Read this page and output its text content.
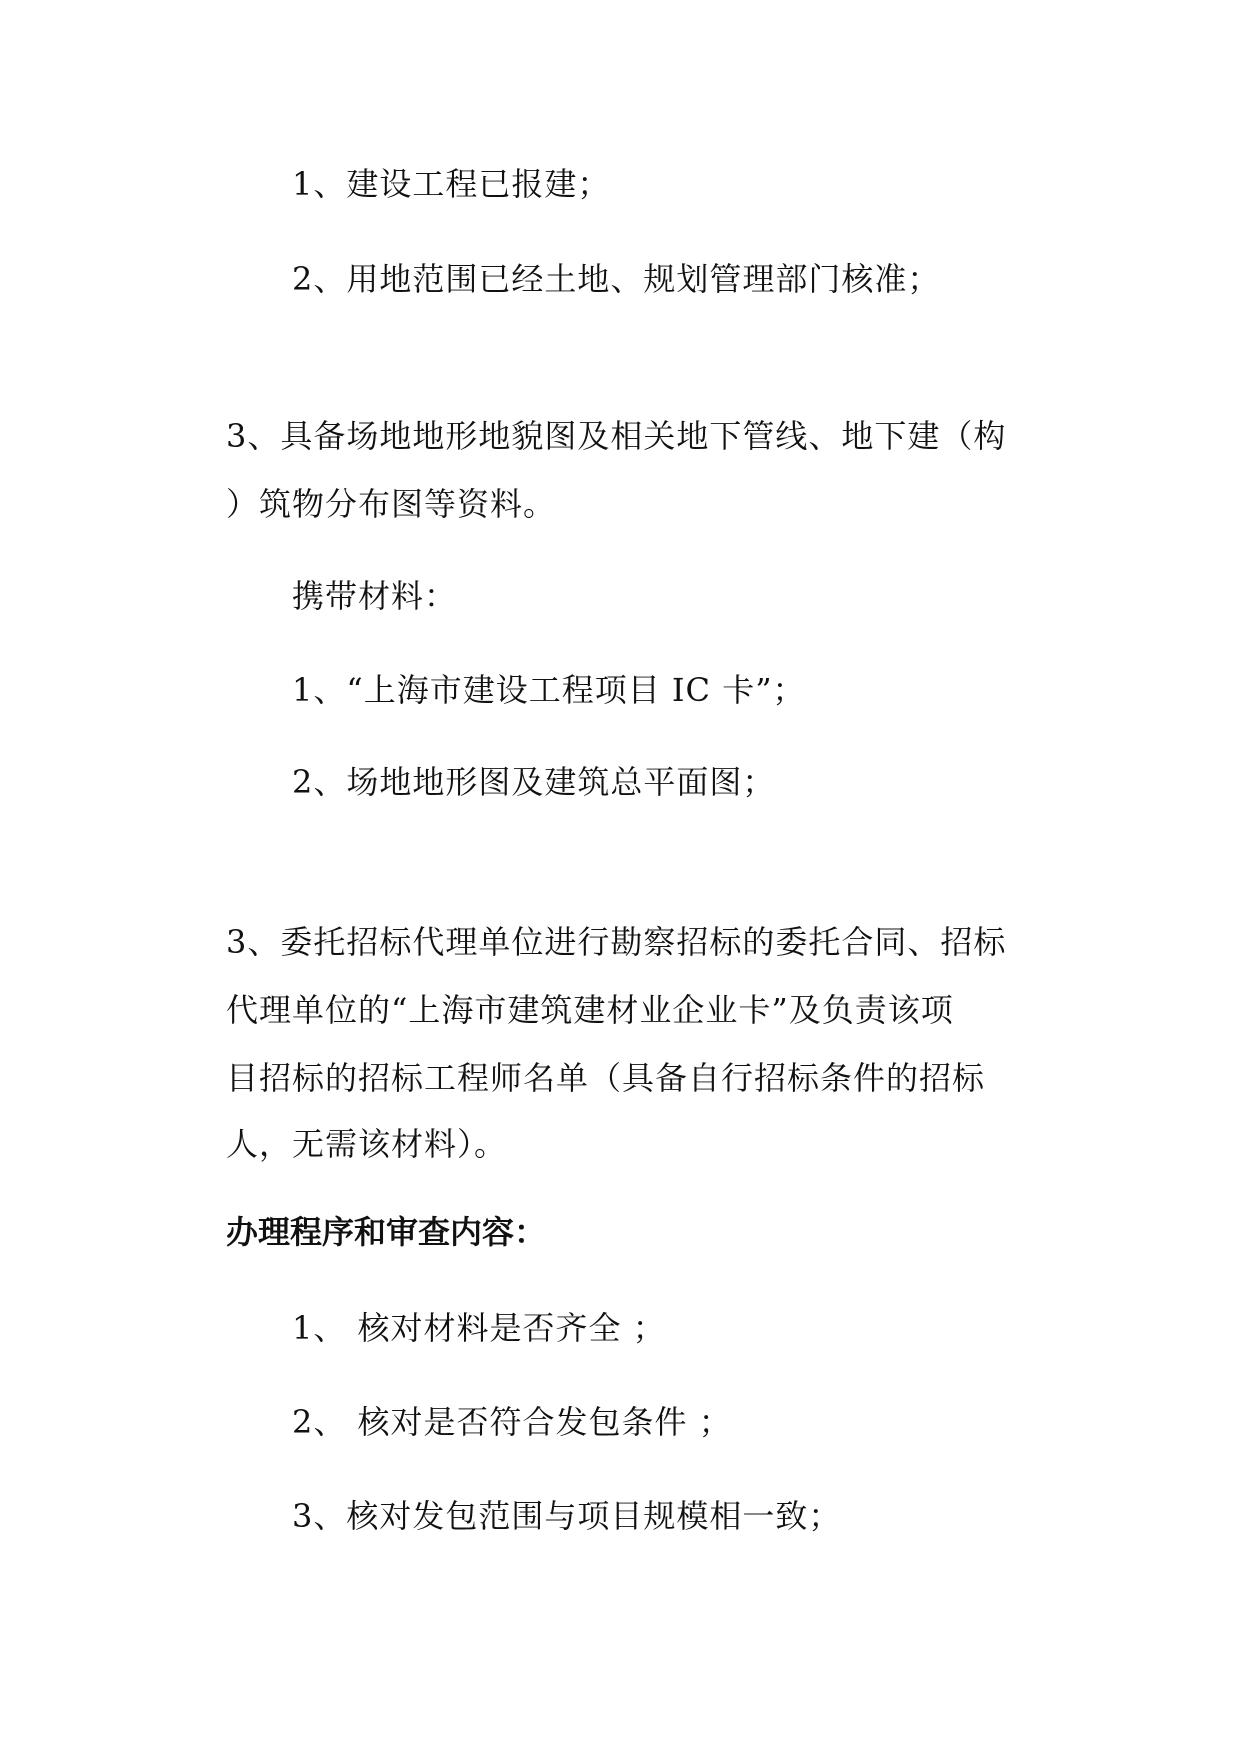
1、建设工程已报建；
2、用地范围已经土地、规划管理部门核准；
3、具备场地地形地貌图及相关地下管线、地下建（构
）筑物分布图等资料。
携带材料：
1、“上海市建设工程项目 IC 卡”；
2、场地地形图及建筑总平面图；
3、委托招标代理单位进行勘察招标的委托合同、招标
代理单位的“上海市建筑建材业企业卡”及负责该项
目招标的招标工程师名单（具备自行招标条件的招标
人，无需该材料）。
办理程序和审查内容：
1、 核对材料是否齐全 ；
2、 核对是否符合发包条件 ；
3、核对发包范围与项目规模相一致；
